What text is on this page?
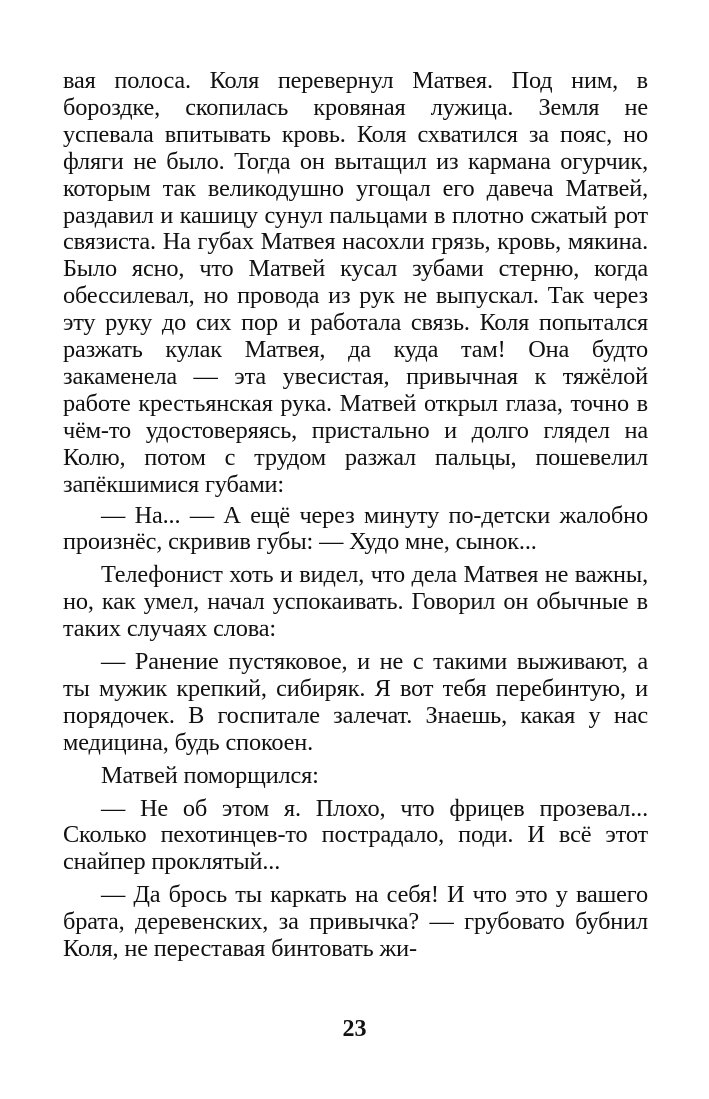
вая полоса. Коля перевернул Матвея. Под ним, в бороздке, скопилась кровяная лужица. Земля не успевала впитывать кровь. Коля схватился за пояс, но фляги не было. Тогда он вытащил из кармана огурчик, которым так великодушно угощал его давеча Матвей, раздавил и кашицу сунул пальцами в плотно сжатый рот связиста. На губах Матвея насохли грязь, кровь, мякина. Было ясно, что Матвей кусал зубами стерню, когда обессилевал, но провода из рук не выпускал. Так через эту руку до сих пор и работала связь. Коля попытался разжать кулак Матвея, да куда там! Она будто закаменела — эта увесистая, привычная к тяжёлой работе крестьянская рука. Матвей открыл глаза, точно в чём-то удостоверяясь, пристально и долго глядел на Колю, потом с трудом разжал пальцы, пошевелил запёкшимися губами:

— На... — А ещё через минуту по-детски жалобно произнёс, скривив губы: — Худо мне, сынок...

Телефонист хоть и видел, что дела Матвея не важны, но, как умел, начал успокаивать. Говорил он обычные в таких случаях слова:

— Ранение пустяковое, и не с такими выживают, а ты мужик крепкий, сибиряк. Я вот тебя перебинтую, и порядочек. В госпитале залечат. Знаешь, какая у нас медицина, будь спокоен.

Матвей поморщился:

— Не об этом я. Плохо, что фрицев прозевал... Сколько пехотинцев-то пострадало, поди. И всё этот снайпер проклятый...

— Да брось ты каркать на себя! И что это у вашего брата, деревенских, за привычка? — грубовато бубнил Коля, не переставая бинтовать жи-

23
